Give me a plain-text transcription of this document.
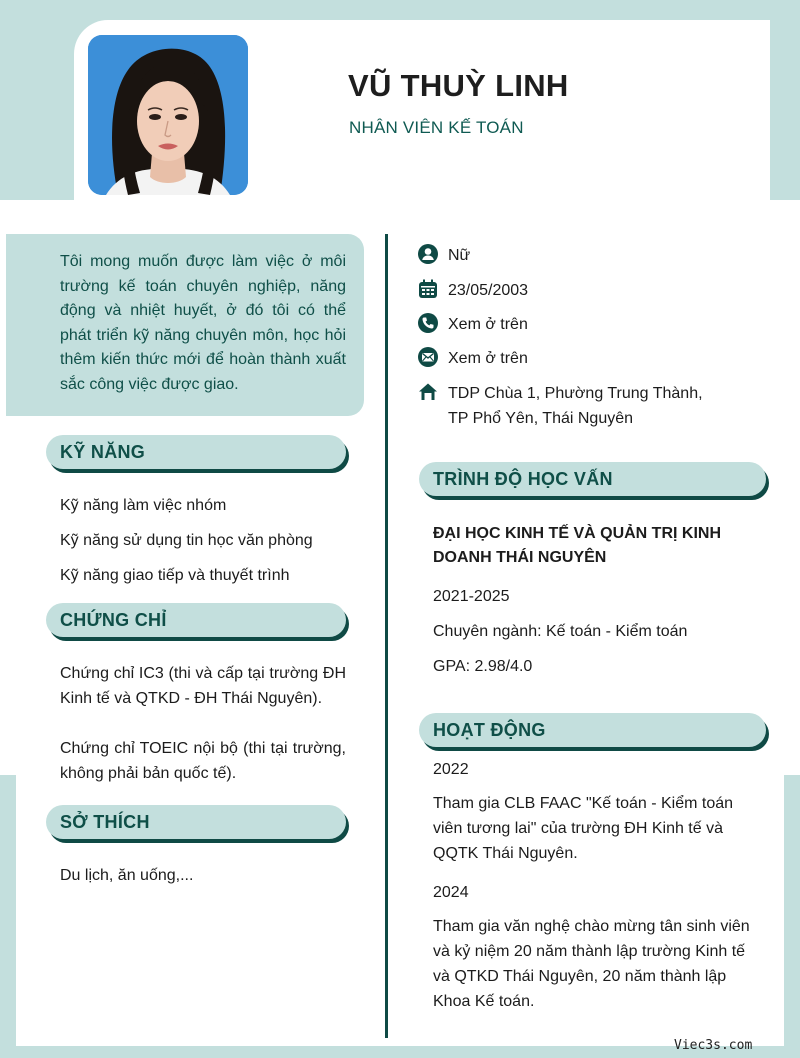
VŨ THUỲ LINH
NHÂN VIÊN KẾ TOÁN

Tôi mong muốn được làm việc ở môi trường kế toán chuyên nghiệp, năng động và nhiệt huyết, ở đó tôi có thể phát triển kỹ năng chuyên môn, học hỏi thêm kiến thức mới để hoàn thành xuất sắc công việc được giao.

Nữ
23/05/2003
Xem ở trên
Xem ở trên
TDP Chùa 1, Phường Trung Thành,
TP Phổ Yên, Thái Nguyên
KỸ NĂNG
Kỹ năng làm việc nhóm
Kỹ năng sử dụng tin học văn phòng
Kỹ năng giao tiếp và thuyết trình
CHỨNG CHỈ
Chứng chỉ IC3 (thi và cấp tại trường ĐH Kinh tế và QTKD - ĐH Thái Nguyên).
Chứng chỉ TOEIC nội bộ (thi tại trường, không phải bản quốc tế).
SỞ THÍCH
Du lịch, ăn uống,...
TRÌNH ĐỘ HỌC VẤN
ĐẠI HỌC KINH TẾ VÀ QUẢN TRỊ KINH
DOANH THÁI NGUYÊN
2021-2025
Chuyên ngành: Kế toán - Kiểm toán
GPA: 2.98/4.0
HOẠT ĐỘNG
2022
Tham gia CLB FAAC "Kế toán - Kiểm toán viên tương lai" của trường ĐH Kinh tế và QQTK Thái Nguyên.
2024
Tham gia văn nghệ chào mừng tân sinh viên và kỷ niệm 20 năm thành lập trường Kinh tế và QTKD Thái Nguyên, 20 năm thành lập Khoa Kế toán.
Viec3s.com
